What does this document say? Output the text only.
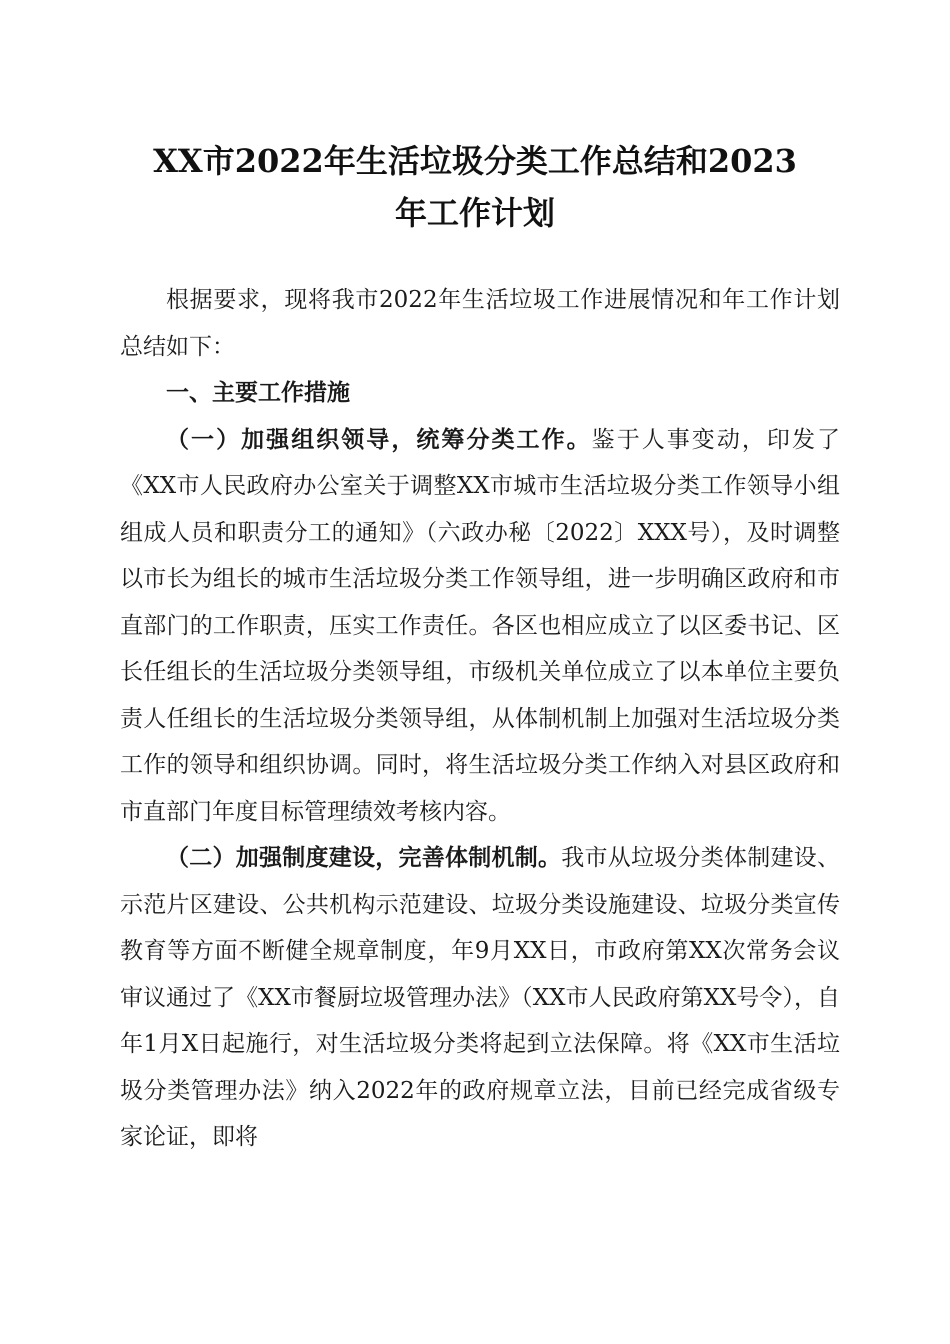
XX市2022年生活垃圾分类工作总结和2023
年工作计划

根据要求，现将我市2022年生活垃圾工作进展情况和年工作计划总结如下：

一、主要工作措施

（一）加强组织领导，统筹分类工作。鉴于人事变动，印发了《XX市人民政府办公室关于调整XX市城市生活垃圾分类工作领导小组组成人员和职责分工的通知》（六政办秘〔2022〕XXX号），及时调整以市长为组长的城市生活垃圾分类工作领导组，进一步明确区政府和市直部门的工作职责，压实工作责任。各区也相应成立了以区委书记、区长任组长的生活垃圾分类领导组，市级机关单位成立了以本单位主要负责人任组长的生活垃圾分类领导组，从体制机制上加强对生活垃圾分类工作的领导和组织协调。同时，将生活垃圾分类工作纳入对县区政府和市直部门年度目标管理绩效考核内容。

（二）加强制度建设，完善体制机制。我市从垃圾分类体制建设、示范片区建设、公共机构示范建设、垃圾分类设施建设、垃圾分类宣传教育等方面不断健全规章制度，年9月XX日，市政府第XX次常务会议审议通过了《XX市餐厨垃圾管理办法》（XX市人民政府第XX号令），自年1月X日起施行，对生活垃圾分类将起到立法保障。将《XX市生活垃圾分类管理办法》纳入2022年的政府规章立法，目前已经完成省级专家论证，即将
